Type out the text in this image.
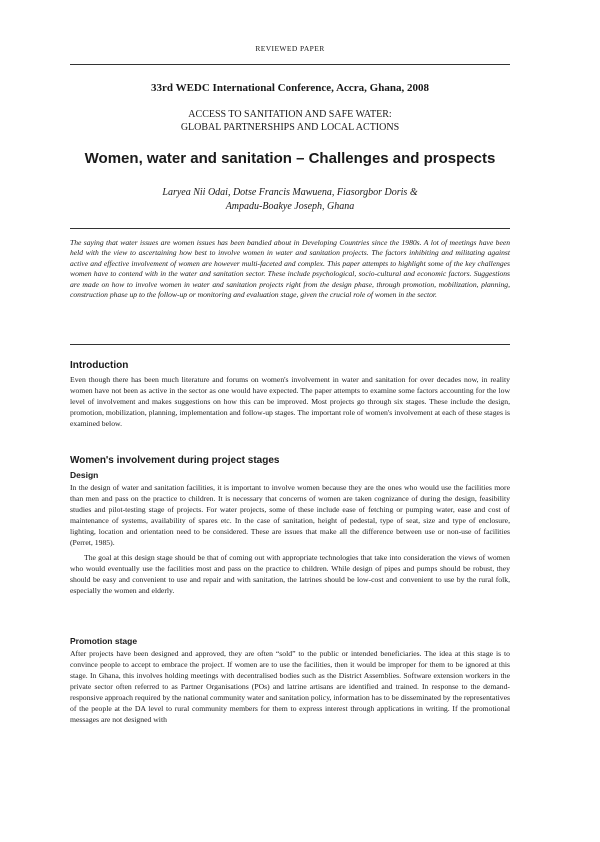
REVIEWED PAPER
33rd WEDC International Conference, Accra, Ghana, 2008
ACCESS TO SANITATION AND SAFE WATER:
GLOBAL PARTNERSHIPS AND LOCAL ACTIONS
Women, water and sanitation – Challenges and prospects
Laryea Nii Odai, Dotse Francis Mawuena, Fiasorgbor Doris &
Ampadu-Boakye Joseph, Ghana

The saying that water issues are women issues has been bandied about in Developing Countries since the 1980s. A lot of meetings have been held with the view to ascertaining how best to involve women in water and sanitation projects. The factors inhibiting and militating against active and effective involvement of women are however multi-faceted and complex. This paper attempts to highlight some of the key challenges women have to contend with in the water and sanitation sector. These include psychological, socio-cultural and economic factors. Suggestions are made on how to involve women in water and sanitation projects right from the design phase, through promotion, mobilization, planning, construction phase up to the follow-up or monitoring and evaluation stage, given the crucial role of women in the sector.

Introduction

Even though there has been much literature and forums on women's involvement in water and sanitation for over decades now, in reality women have not been as active in the sector as one would have expected. The paper attempts to examine some factors accounting for the low level of involvement and makes suggestions on how this can be improved. Most projects go through six stages. These include the design, promotion, mobilization, planning, implementation and follow-up stages. The important role of women's involvement at each of these stages is examined below.

Women's involvement during project stages
Design

In the design of water and sanitation facilities, it is important to involve women because they are the ones who would use the facilities more than men and pass on the practice to children. It is necessary that concerns of women are taken cognizance of during the design, feasibility studies and pilot-testing stage of projects. For water projects, some of these include ease of fetching or pumping water, ease and cost of maintenance of systems, availability of spares etc. In the case of sanitation, height of pedestal, type of seat, size and type of enclosure, lighting, location and orientation need to be considered. These are issues that make all the difference between use or non-use of facilities (Perret, 1985).

The goal at this design stage should be that of coming out with appropriate technologies that take into consideration the views of women who would eventually use the facilities most and pass on the practice to children. While design of pipes and pumps should be robust, they should be easy and convenient to use and repair and with sanitation, the latrines should be low-cost and convenient to use by the rural folk, especially the women and elderly.

Promotion stage

After projects have been designed and approved, they are often “sold” to the public or intended beneficiaries. The idea at this stage is to convince people to accept to embrace the project. If women are to use the facilities, then it would be improper for them to be ignored at this stage. In Ghana, this involves holding meetings with decentralised bodies such as the District Assemblies. Software extension workers in the private sector often referred to as Partner Organisations (POs) and latrine artisans are identified and trained. In response to the demand-responsive approach required by the national community water and sanitation policy, information has to be disseminated by the representatives of the people at the DA level to rural community members for them to express interest through applications in writing. If the promotional messages are not designed with
